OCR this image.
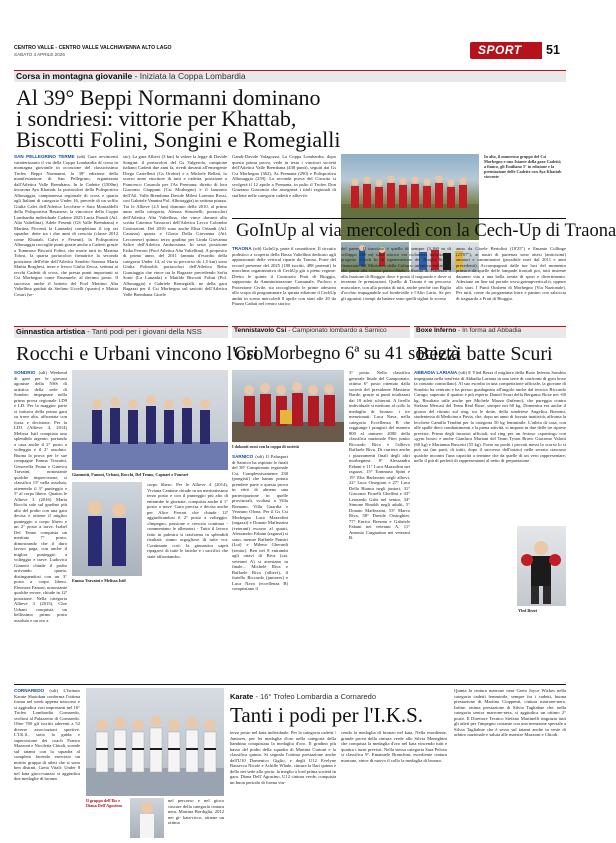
CENTRO VALLE - CENTRO VALLE VALCHIAVENNA ALTO LAGO
SABATO 4 APRILE 2026	SPORT 51
Corsa in montagna giovanile - Iniziata la Coppa Lombardia
Al 39° Beppi Normanni dominano
i sondriesi: vittorie per Khattab,
Biscotti Folini, Songini e Romegialli
SAN PELLEGRINO TERME (sdt) Gara avvincenti caratterizzano il via della Coppa Lombardia di corsa in montagna giovanile in occasione del classicissimo Trofeo Beppi Normanni, la 39ª edizione della manifestazione di San Pellegrino, organizzata dall'Atletica Valle Brembana. In le Cadette (1500m) incorona Aya Khattab: la portacolori della Polisportiva Albosaggia, campionessa regionale di cross e quarta agli Italiani di categoria Under 16, precede di un soffio Giulia Calvi dell'Atletica Lecchese e Sara Montaldelli della Polisportiva Besanese; la vincitrice della Coppa Lombardia individuale Cadette 2025 Lucia Praudi (Atl. Alta Valtellina), Adele Fesenti (GS Valle Brembana) e Martina Piccenti la Lanzada) completano il top sei squadre: dette tra i due anni di crescita (classe 2012 come Khattab, Calvi e Fesenti), la Polisportiva Albosaggia raccoglie punti grazie anche a Caderti grazie a Tommaso Biscotti Folini, che morte tutti in Martina Tolosi, la quarta portacolori firmatrice la seconda posizione dell'elite dell'Atletica Sondrio Sonnoa Marta Mattia Borghesi, terze e fresco Giulia Zecca, settima ai recchi Cadetti di cross, che presta punti importanti ai Csi Morbegno come Emanuele, al decimo posto. Il successo anche il botteto del Pool Mottino Alta Valtellina guidati da Stefano Uccelli (quarto) e Mattia Cesari (se-
sto). La gara Allievi (3 km) fa valere la legge di Davide Songini: il portacolori del Gs Valgerola, campione italiano Cadetti due anni fa, rivedi davanti all'emergente Diego Castelletti (Gs Orobie) e a Michele Bellati, lo scorso anno vincitore di tutti e cadetta, posizione a Francesco Casarola per l'As Premana; diretto di lora Giacomo Giappuni (Csi Morbegno) e il lanzonio dell'Atl. Valle Brembana Davide Milesi Lorenzo Rossi, con Gabriele Vannini Pol. Albosaggia) in settima piazza. Tra le Allieve (2,5 km) dominio della 2010, al primo anno nella categoria, Alessia Simonelli, portacolori dell'Atletica Alta Valtellina, che vince davanti allo scritta Caterina Vassacori dell'Atletica Lecco Colombo Costruzioni. Del 2010 sono anche Elisa Orlandi (Atl. Casazza) quarta e Gloria Della Giovanna (Atl. Lecconese) quinta; terzo gradino per Linda Giovanna Salice dell'Atletica Ambrosiana. In sesto posizione Erika Ferroni (Pool Atletica Alta Valtellina). A proposito di primo anno, del 2011 (annata d'esordio della categoria Under 14, al via su percorso da 1,5 km) sono Giulia Polinoldi, portacolori dell'Atletica Rebo Guasiaggia che vince tra le Ragazze precedendo Sofia Sonti (La Lanzada) e Matilde Biscotti Folini (Pol. Albosaggia) e Gabriele Romegialli, ne della gara Ragazzi per il Csi Morbegno sul sasiotti dell'Atletica Valle Brembana Gioele
Gandi-Davide Valagozza. La Coppa Lombardia, dopo questa prima prova, vede in testa i vincitori società dell'Atletica Valle Brembana (438 punti), seguiti dai Gs Csi Morbegno (362), As Premana (290) e Polisportiva Albosaggia (259). La seconda prova del Circuito si svolgerà il 12 aprile a Premana, in palio il Trofeo Don Graziano Giacomia che assegnerà i titoli regionali di staffette nelle categorie cadetti e allievi/e.
In alto, il numeroso gruppo del Csi Morbegno e uno Istante della gara Cadetti; a fianco, gli Emiliano 5° in edizione e la premiazione delle Cadette con Aya Khattab vincente
GoInUp al via mercoledì con la Cech-Up di Traona
TRAONA (sdt) GoInUp, parte il countdown. Il circuito podistico a scoperta della Bassa Valtellina dedicato agli appassionati delle vertical riparte da Traona. Forte del record presenze del 2025 (180 iscritti, 488 partenti) la macchina organizzativa di CechUp già a pieno regime. Dietro le quinte il Consorzio Prati di Bioggio, supportato da Amministrazione Comunale, Proloco e Protezione Civile, sta raccogliendo le prime adesioni allo scopo di programmare la quinta edizione d CechUp andrà in scena mercoledì 8 aprile con start alle 20 da Piazza Caduti nel centro storico
del paese. Il tracciato è quello di sempre (3,160 m di sviluppo 330 m) sulla storica via ciclonaria inserita nel progetto «Cech In di rigenerazione dei Borghi Storici finanziato dal Ministero della Cultura: un'antica mulattiera che porta alla chiesa parrocchiale, affronta di Pianezzo e alla frazione di Bioggio dove è posto il traguardo e dove si terranno le premiazioni. Quello di Traona è un percorso muscolare, con alla portata di tutti, anche perché con Biglia d'occhio impugnabile sul fondovalle e l'Alto Lario. Se per gli agonisti i tempi da battere sono quelli siglati lo scorso
anno da Gioele Bertolini (18'25") e Emanie Collinge (21'07"), ai nastri di partenza sono attesi (anticisimi) amatori e camminatori (possibile nuvi dal 2011 e anni precedenti). Accompagnati dalle tue luci del momento prima e da quelle delle lampade frontali poi, tutti insieme daranno vita a una bella serata di sport e divertimento. Adesione on line sul portale www.goinupvertical.it, oppure allo start. I Punti Ousbent di Morbegno (Via Nazionale). Per tutti, come da programma birre e panino con salsiccia di traguardo a Prati di Bioggio.
Ginnastica artistica - Tanti podi per i giovani della NSS
Rocchi e Urbani vincono l'oro
SONDRIO (sdt) Weekend di gare per le giovani agoniste della NSS di artistica della sede di Sondrio impegnate nella prima prova regionale LD9 e LD. Per la maggior parte si trattava della prima gara su trave alta, affrontata con forza e decisione. Per la LD3 (Allieve 4, 2014) Melissa Istif conquista uno splendido argento, portando a casa anche il 2° posto a volteggio e il 2° assoluto. Buona la prova per le sue compagne Emma Travaini, Genoveffa Pruna e Ginevra Travaini, nonostante qualche imprecisione, si classifica 15ª nella assoluta, ottenendo il 3° punteggio e 5° al corpo libero. Quattro le Allieve 3 (2016) Maria Rocchi sale sul gradino più alto del podio con una gara decisa e ottiene il miglior punteggio a corpo libero e un 2° posto a trave. Isabel Del Tenno conquista un meritato 7° posto, dimostrando che il duro lavoro paga, con anche il miglior punteggio a volteggio e trave. Ludovica Gianotti chiude il podio arrivando quarta, distinguendosi con un 3° posto a corpo libero. Eleonora Fanoni, nonostante qualche errore, chiude in 12ª posizione. Nella categoria Allieve 3 (2015), Cloe Urbani conquista un bellissimo primo posto assoluto e un oro a
Giannotti, Fanoni, Urbani, Rocchi, Del Tenno, Capnari e Fonrari
Emma Travaini e Melissa Istif
corpo libero. Per le Allieve 4 (2014), Viviana Cantone chiude in un meritatissimo terzo posto e con il punteggio più alto di entrambe le giornate, conquista anche il 1° posto a trave. Gara precisa e decisa anche per Alice Ferrari che chiude 12ª aggiudicandosi il 2° posto a volteggio. «Impegno, passione e crescita continua - commentano le allenatori - Tutto il lavoro fatto in palestra si trasforma in splendidi risultati: siamo orgogliose di tutte voi. Continuate così: la ginnastica saprà ripagarvi di tutte le fatiche e i sacrifici che state affrontando».
Tennistavolo Csi - Campionato lombardo a Sarnico
Csi Morbegno 6ª su 41 società
I doknoti rossi con la coppa di società
SARNICO (sdt) Il Palasport di Sarnico ha ospitato le finali del 38° Campionato regionale Csi. Complessivamente 230 (pongisti) che hanno potuto prendere parte a questa prova in vitrò di almeno una partecipazione in quelle provinciali, svoltasi a Villa Romano, Villa Guardia e Vezzano Olona. Per il Gs Csi Morbegno Luca Mazzolini (ragazzi) e Donato Maffezzini (veterani) escono al quarti, Alessandro Fabani (ragazzi) si sono, mentre Raffaele Pansiri (Lui) e Milena Gherardi (senior). Ben nei 8 entrambi agli ottavi di Riva (cat. veterani A) si arrestano in finale... Michele Riva e Raffaele Riva (allievi), il fratello Riccardo (juniores) e Luca Nava (eccellenza B) conquistano il
3° posto. Nella classifica generale finale del Campionato, ottimo 6° posto ottenuto dalla società del presidente Massimo Barde, grazie ai punti totalizzati dai 18 atleti schierati. A livello individuale si mettono al collo la medaglia di bronzo: i tre menzionati: Luca Nava, nella categoria Eccellenza B che raggiunge i pongisti del numero 800 al numero 2000 della classifica nazionale Fitet junior Riccardo Riva e l'allievo Raffaele Riva. Di carriera anche i piazzamenti finali degli altri morbegnesi: 8° Alessandro Fabani e 11° Luca Mazzolini nei ragazzi, 15° Tommaso Spini e 19° Elia Barlassini negli allievi, 22° Luca Orsegioni e 27° Luca Della Bianca negli juniori, 31° Giacomo Fiorelli Ghelfini e 43° Leonardo Gabi nel senior, 34° Simone Rinaldi negli adulti, 5° Donato Maffezzini, 53° Marco Riva, 58° Davide Orsinghter, 77° Enrico Bresma e Gabriele Fabani nei veterani A, 11° Antonio Cargnatino nei veterani B.
Boxe Inferno - In forma ad Abbadia
Bezzi batte Scuri
ABBADIA LARIANA (sdt) E Yled Bezzi il migliore della Boxe Inferno Sondrio impegnata nella trasferta di Abbadia Lariana in una serie di confronti di gym boxe (a contatto controllato). Al suo esordio in una competizione ufficiale, la giovane di Sondrio ha centrato e ha presso guadagnato all'angolo anche dal tecnico Riccardo Carugo, superato il quattro e più esperto Daniel Scuri della Bergamo Boxe nei -60 kg. Risultato utile anche per Michele Mazza (Inferno), che pareggia contro Stefano Mercati del Team Real Boxe, sempre nei 60 kg. Domenica era anche il giorno del ritorno sul ring, tra le dotte, della sondriese Angelica Bonomi, studentessa di Medicina a Pavia, che, dopo un anno di forzata inattività, affronta la lecchese Camilla Tendini per la categoria 50 kg femminile. L'atleta di casa, con alle spalle dieci combattimenti e la piena attività, si impone in due delle tre riprese previste. Prima degli incontri ufficiali, sul ring per un festoso «sparring» con «gym boxe» e anche Gianluca Mariani del Team Tyson Bravo Giacomo Valotti (60 kg) e Marianna Buscetti (55 kg). Forse no pochi i provati messi lo scorso lo si può sia (un parti, di tratti, dopo il successo dell'inizio) nelle serrata ciascuno qualche incontri l'una capacità a termine che da quelle di un vero rappresentare, nello il più di perfetti di rappresentanti al netto di preparazione.
Yled Bezzi
CORNAREDO (sdt) L'Istituto Karate Shotokan conferma l'ottima forma nel week appena trascorso e si aggiudica vari importanti nel 16° Trofeo Lombardia Cornaredo, svoltosi al Palazzetto di Cornaredo. Oltre 700 gli iscritti aderenti a 52 diverse associazioni sportive. L'I.K.S., sotto la guida e supervisione dei coach Franco Mazzoni e Nicoletta Chiodi, scende sul tatami con la squadra al completo facendo esercizio un nutrito gruppo di atleti che si sono ben distinti. Greta Vitali: Under 8 nel kata gioco-sanzio si aggiudica due medaglie di bronzo
Il gruppo dell'Iks e Diana Dell'Agostino
nel percorso e nel gioco cascare della categoria cintura nera. Martina Bordiglia, 2012 nei gi- kata-ricco, ottiene un ottimo
Karate - 16° Trofeo Lombardia a Cornaredo
Tanti i podi per l'I.K.S.
terzo posto nel kata individuale. Per la categoria cadetti / Juniores, per lei medaglia d'oro nella categoria della bambina conquistata la medaglia d'oro. Il gradino più basso del podio della squadra di Martina Curtoni e la classifica quinta. Si segnala l'ottima prestazione anche dell'U10 Domenico Giglio, e degli U12 Evelyne Bassecca Nicole e Achille Whale, cintura la Ilari quinta e dello nei sede allo porto: la meglio a lord prima società in gara. Diana Dell' Agostino, U12 cintura verde, conquista un buon periodo di forma vin-
cendo la medaglia di bronzo nel kata. Nella esordiente, grande prova della cintura verde allo Silvia Meneghini che conquista la medaglia d'oro nel kata vincendo tutti e quattro i turni previsti. Nella stessa categoria Sara Peloso si classifica 9ª. Emanuele Branchini, esordiente cintura marrone, vince di nuovo il collo la medaglia di bronzo.
Quinta la cintura marrone nera Greta Joyce Wickes nella categoria cadetti femminile, sempre fra i cadetti, buona prestazione di Martino Cioppenti, cintura marrone-nera. Infine, ottima prestazione di Silvia Tagliabue che, nella categoria senior marrone-nera, si aggiudica un ottimo 2° posto. Il Direttore Tecnico Stefano Martinelli ringrazia tutti gli atleti per l'impegno costante con una menzione speciale a Silvia Tagliabue che è sesso sul tatami anche in veste di arbitro nazionale e saluta alle maestre Mazzoni e Chiodi.
